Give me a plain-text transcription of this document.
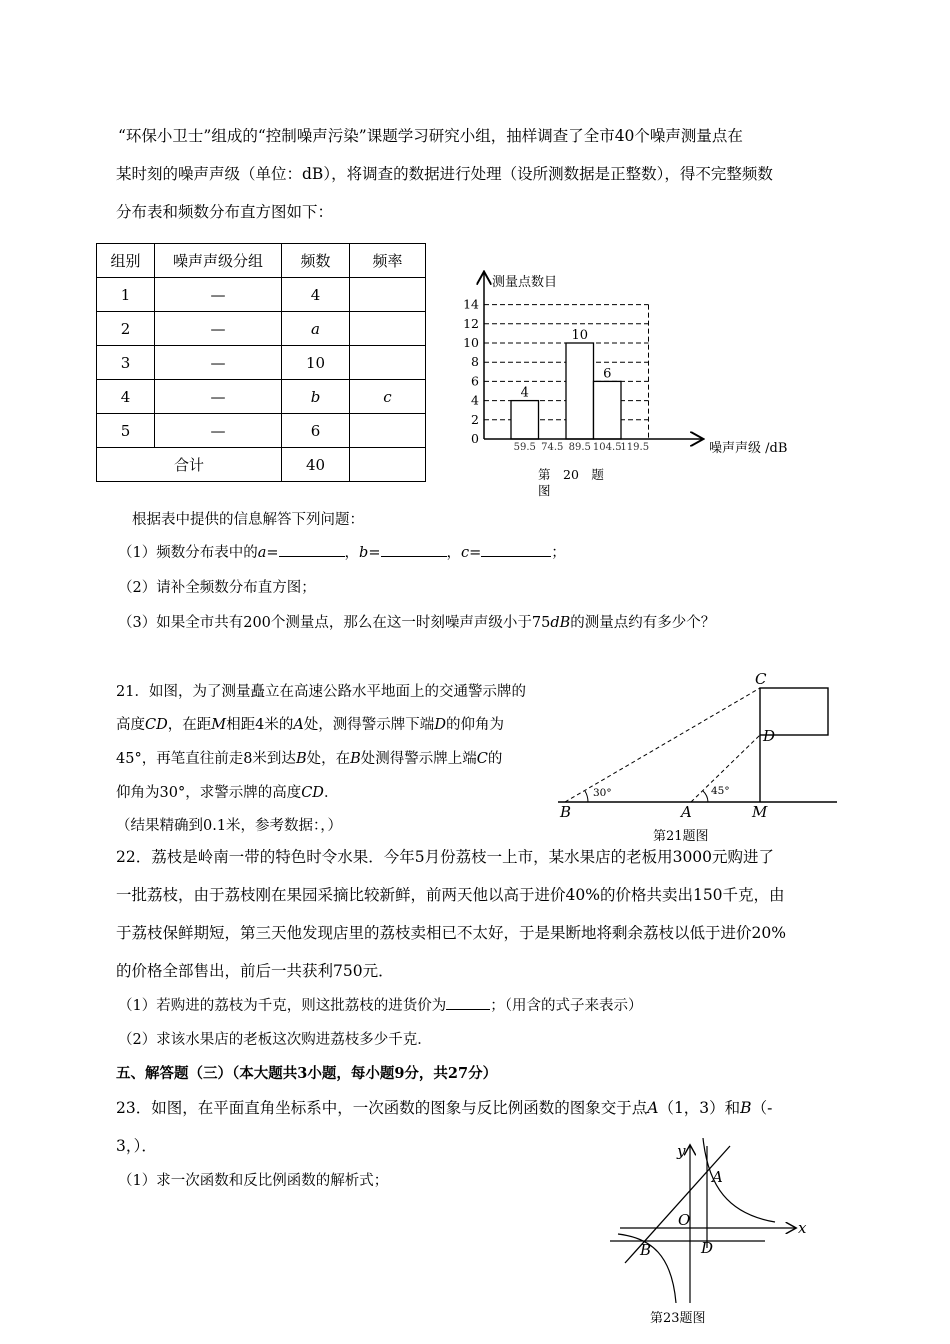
“环保小卫士”组成的“控制噪声污染”课题学习研究小组，抽样调查了全市40个噪声测量点在
某时刻的噪声声级（单位：dB），将调查的数据进行处理（设所测数据是正整数），得不完整频数
分布表和频数分布直方图如下：
组别	噪声声级分组	频数	频率
1	—	4	
2	—	a	
3	—	10	
4	—	b	c
5	—	6	
合计		40	
4
10
6
14
12
10
8
6
4
2
0
59.5 74.5 89.5 104.5
119.5
测量点数目
噪声声级 /dB
第　20　题
图
根据表中提供的信息解答下列问题：
（1）频数分布表中的a=	，b=	，c=	；
（2）请补全频数分布直方图；
（3）如果全市共有200个测量点，那么在这一时刻噪声声级小于75dB的测量点约有多少个？
21．如图，为了测量矗立在高速公路水平地面上的交通警示牌的
高度CD，在距M相距4米的A处，测得警示牌下端D的仰角为
45°，再笔直往前走8米到达B处，在B处测得警示牌上端C的
仰角为30°，求警示牌的高度CD．
（结果精确到0.1米，参考数据：，）
30°	45°
C
D
B	A	M
第21题图
22．荔枝是岭南一带的特色时令水果．今年5月份荔枝一上市，某水果店的老板用3000元购进了
一批荔枝，由于荔枝刚在果园采摘比较新鲜，前两天他以高于进价40%的价格共卖出150千克，由
于荔枝保鲜期短，第三天他发现店里的荔枝卖相已不太好，于是果断地将剩余荔枝以低于进价20%
的价格全部售出，前后一共获利750元．
（1）若购进的荔枝为千克，则这批荔枝的进货价为	；（用含的式子来表示）
（2）求该水果店的老板这次购进荔枝多少千克．
五、解答题（三）（本大题共3小题，每小题9分，共27分）
23．如图，在平面直角坐标系中，一次函数的图象与反比例函数的图象交于点A（1，3）和B（-
3，）．
（1）求一次函数和反比例函数的解析式；
y
x
A
O
B	D
第23题图
